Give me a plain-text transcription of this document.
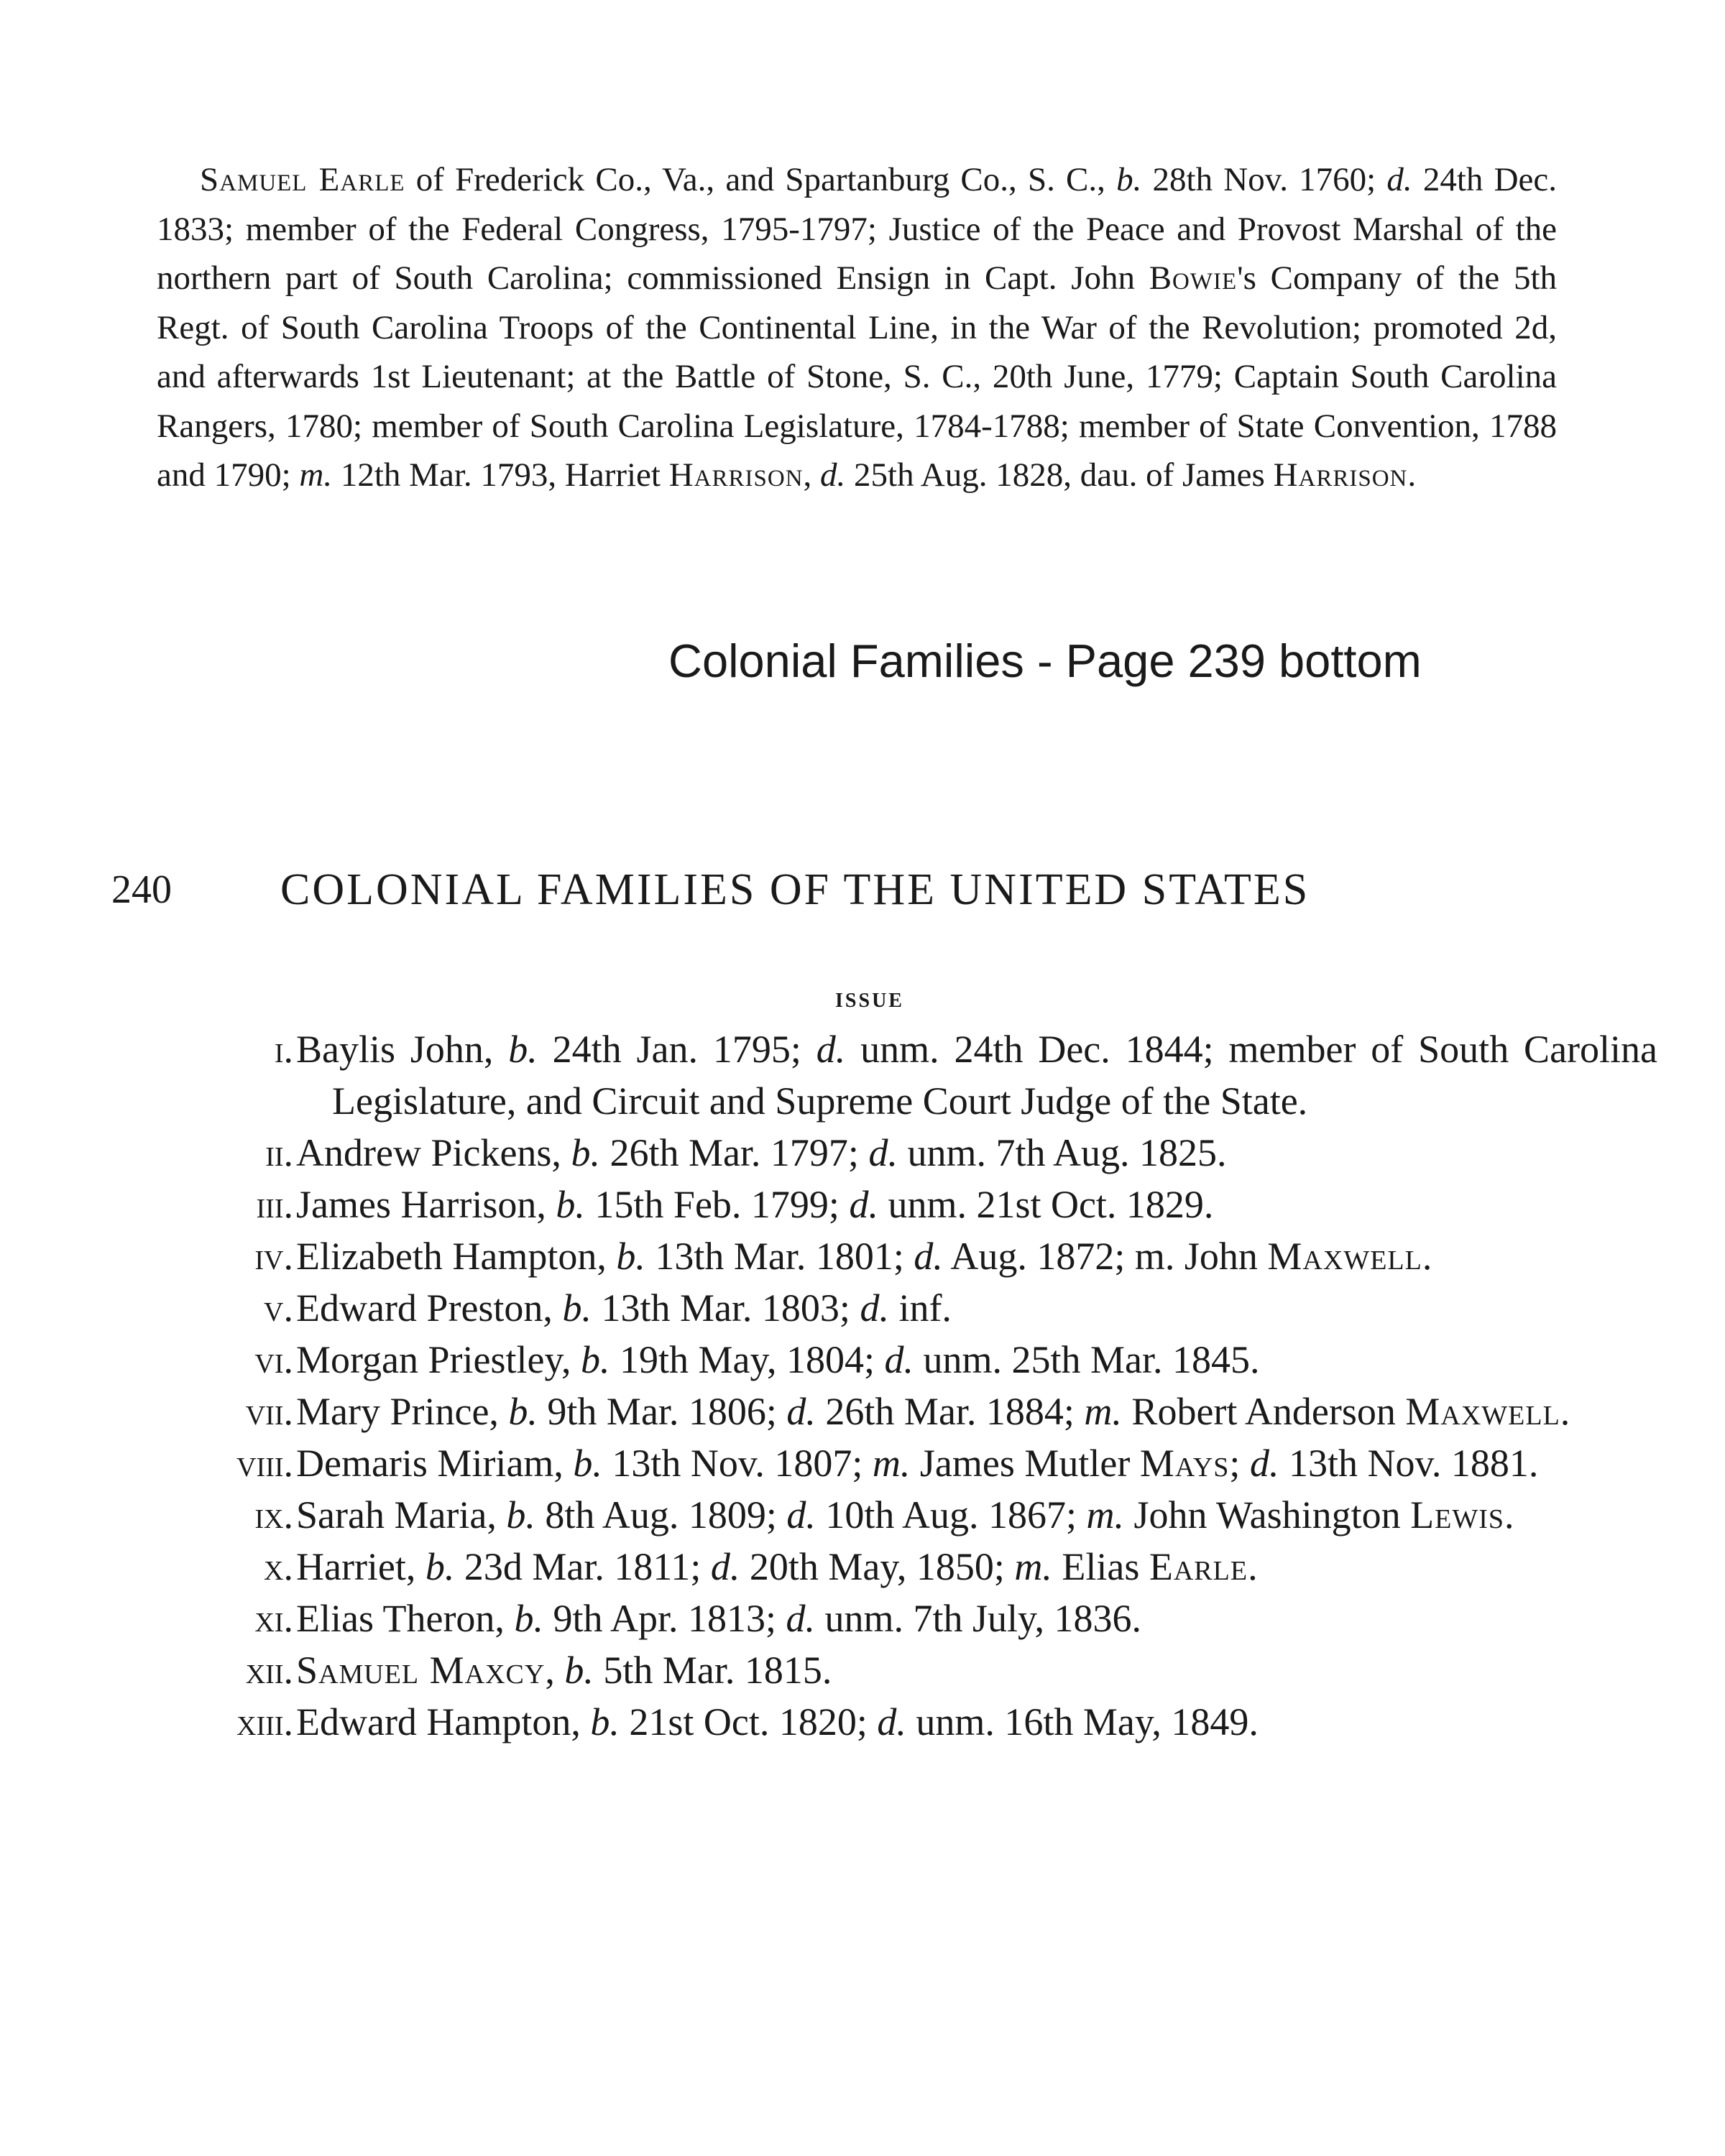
Samuel Earle of Frederick Co., Va., and Spartanburg Co., S. C., b. 28th Nov. 1760; d. 24th Dec. 1833; member of the Federal Congress, 1795-1797; Justice of the Peace and Provost Marshal of the northern part of South Carolina; commissioned Ensign in Capt. John Bowie's Company of the 5th Regt. of South Carolina Troops of the Continental Line, in the War of the Revolution; promoted 2d, and afterwards 1st Lieutenant; at the Battle of Stone, S. C., 20th June, 1779; Captain South Carolina Rangers, 1780; member of South Carolina Legislature, 1784-1788; member of State Convention, 1788 and 1790; m. 12th Mar. 1793, Harriet Harrison, d. 25th Aug. 1828, dau. of James Harrison.
Colonial Families - Page 239 bottom
240 COLONIAL FAMILIES OF THE UNITED STATES
issue
i. Baylis John, b. 24th Jan. 1795; d. unm. 24th Dec. 1844; member of South Carolina Legislature, and Circuit and Supreme Court Judge of the State.
ii. Andrew Pickens, b. 26th Mar. 1797; d. unm. 7th Aug. 1825.
iii. James Harrison, b. 15th Feb. 1799; d. unm. 21st Oct. 1829.
iv. Elizabeth Hampton, b. 13th Mar. 1801; d. Aug. 1872; m. John Maxwell.
v. Edward Preston, b. 13th Mar. 1803; d. inf.
vi. Morgan Priestley, b. 19th May, 1804; d. unm. 25th Mar. 1845.
vii. Mary Prince, b. 9th Mar. 1806; d. 26th Mar. 1884; m. Robert Anderson Maxwell.
viii. Demaris Miriam, b. 13th Nov. 1807; m. James Mutler Mays; d. 13th Nov. 1881.
ix. Sarah Maria, b. 8th Aug. 1809; d. 10th Aug. 1867; m. John Washington Lewis.
x. Harriet, b. 23d Mar. 1811; d. 20th May, 1850; m. Elias Earle.
xi. Elias Theron, b. 9th Apr. 1813; d. unm. 7th July, 1836.
xii. Samuel Maxcy, b. 5th Mar. 1815.
xiii. Edward Hampton, b. 21st Oct. 1820; d. unm. 16th May, 1849.
